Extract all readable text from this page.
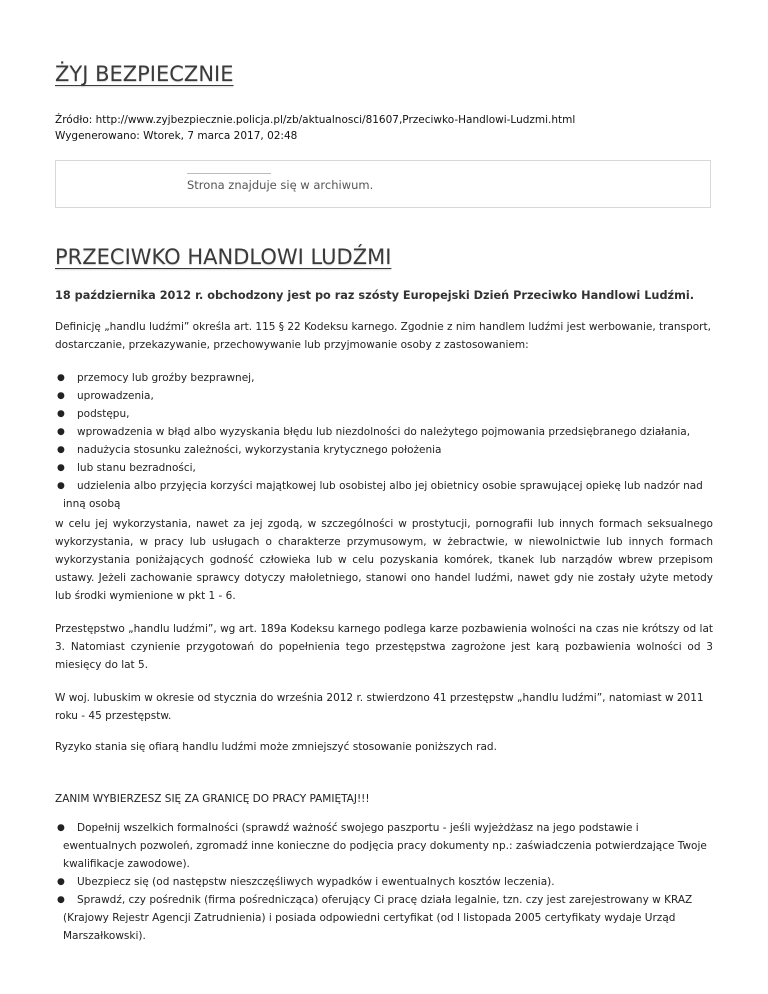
ŻYJ BEZPIECZNIE
Źródło: http://www.zyjbezpiecznie.policja.pl/zb/aktualnosci/81607,Przeciwko-Handlowi-Ludzmi.html
Wygenerowano: Wtorek, 7 marca 2017, 02:48
Strona znajduje się w archiwum.
PRZECIWKO HANDLOWI LUDŹMI
18 października 2012 r. obchodzony jest po raz szósty Europejski Dzień Przeciwko Handlowi Ludźmi.

Definicję „handlu ludźmi” określa art. 115 § 22 Kodeksu karnego. Zgodnie z nim handlem ludźmi jest werbowanie, transport, dostarczanie, przekazywanie, przechowywanie lub przyjmowanie osoby z zastosowaniem:

● przemocy lub groźby bezprawnej,
● uprowadzenia,
● podstępu,
● wprowadzenia w błąd albo wyzyskania błędu lub niezdolności do należytego pojmowania przedsiębranego działania,
● nadużycia stosunku zależności, wykorzystania krytycznego położenia
● lub stanu bezradności,
● udzielenia albo przyjęcia korzyści majątkowej lub osobistej albo jej obietnicy osobie sprawującej opiekę lub nadzór nad inną osobą

w celu jej wykorzystania, nawet za jej zgodą, w szczególności w prostytucji, pornografii lub innych formach seksualnego wykorzystania, w pracy lub usługach o charakterze przymusowym, w żebractwie, w niewolnictwie lub innych formach wykorzystania poniżających godność człowieka lub w celu pozyskania komórek, tkanek lub narządów wbrew przepisom ustawy. Jeżeli zachowanie sprawcy dotyczy małoletniego, stanowi ono handel ludźmi, nawet gdy nie zostały użyte metody lub środki wymienione w pkt 1 - 6.

Przestępstwo „handlu ludźmi”, wg art. 189a Kodeksu karnego podlega karze pozbawienia wolności na czas nie krótszy od lat 3. Natomiast czynienie przygotowań do popełnienia tego przestępstwa zagrożone jest karą pozbawienia wolności od 3 miesięcy do lat 5.

W woj. lubuskim w okresie od stycznia do września 2012 r. stwierdzono 41 przestępstw „handlu ludźmi”, natomiast w 2011 roku - 45 przestępstw.

Ryzyko stania się ofiarą handlu ludźmi może zmniejszyć stosowanie poniższych rad.

ZANIM WYBIERZESZ SIĘ ZA GRANICĘ DO PRACY PAMIĘTAJ!!!

● Dopełnij wszelkich formalności (sprawdź ważność swojego paszportu - jeśli wyjeżdżasz na jego podstawie i ewentualnych pozwoleń, zgromadź inne konieczne do podjęcia pracy dokumenty np.: zaświadczenia potwierdzające Twoje kwalifikacje zawodowe).
● Ubezpiecz się (od następstw nieszczęśliwych wypadków i ewentualnych kosztów leczenia).
● Sprawdź, czy pośrednik (firma pośrednicząca) oferujący Ci pracę działa legalnie, tzn. czy jest zarejestrowany w KRAZ (Krajowy Rejestr Agencji Zatrudnienia) i posiada odpowiedni certyfikat (od l listopada 2005 certyfikaty wydaje Urząd Marszałkowski).
